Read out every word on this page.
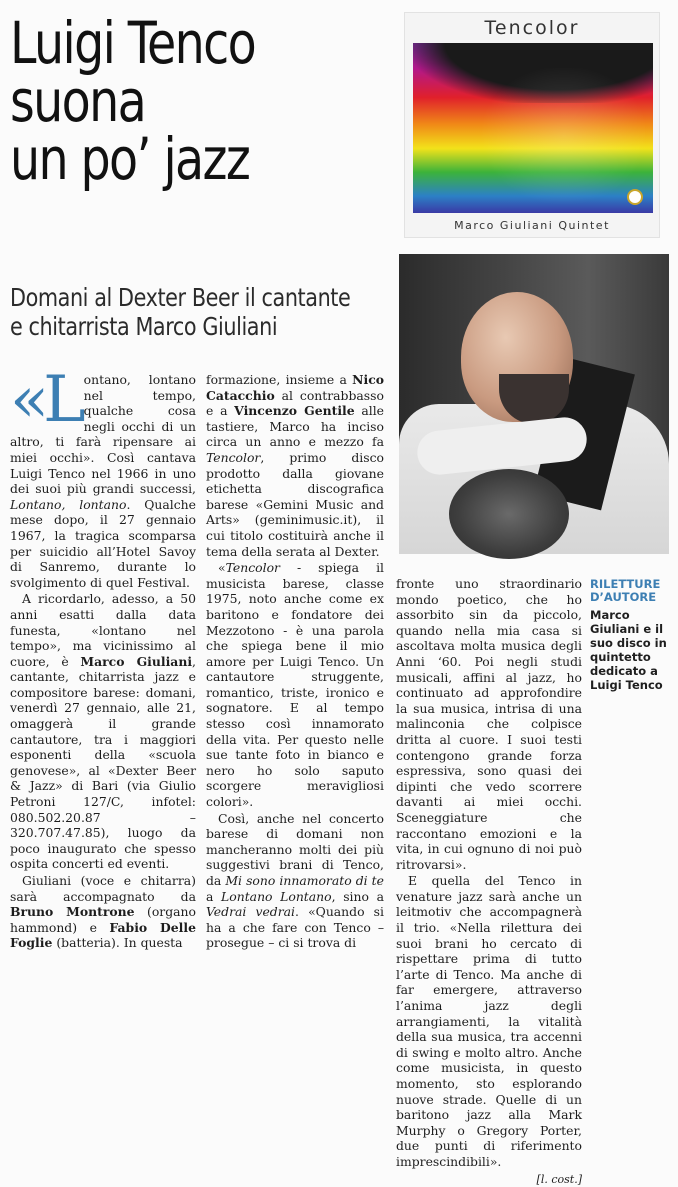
Luigi Tenco
suona
un po’ jazz
Domani al Dexter Beer il cantante
e chitarrista Marco Giuliani
Tencolor
Marco Giuliani Quintet
RILETTURE D’AUTORE
Marco Giuliani e il suo disco in quintetto dedicato a Luigi Tenco

«Lontano, lontano nel tempo, qualche cosa negli occhi di un altro, ti farà ripensare ai miei occhi». Così cantava Luigi Tenco nel 1966 in uno dei suoi più grandi successi, Lontano, lontano. Qualche mese dopo, il 27 gennaio 1967, la tragica scomparsa per suicidio all’Hotel Savoy di Sanremo, durante lo svolgimento di quel Festival.

A ricordarlo, adesso, a 50 anni esatti dalla data funesta, «lontano nel tempo», ma vicinissimo al cuore, è Marco Giuliani, cantante, chitarrista jazz e compositore barese: domani, venerdì 27 gennaio, alle 21, omaggerà il grande cantautore, tra i maggiori esponenti della «scuola genovese», al «Dexter Beer & Jazz» di Bari (via Giulio Petroni 127/C, infotel: 080.502.20.87 – 320.707.47.85), luogo da poco inaugurato che spesso ospita concerti ed eventi.

Giuliani (voce e chitarra) sarà accompagnato da Bruno Montrone (organo hammond) e Fabio Delle Foglie (batteria). In questa

formazione, insieme a Nico Catacchio al contrabbasso e a Vincenzo Gentile alle tastiere, Marco ha inciso circa un anno e mezzo fa Tencolor, primo disco prodotto dalla giovane etichetta discografica barese «Gemini Music and Arts» (geminimusic.it), il cui titolo costituirà anche il tema della serata al Dexter.

«Tencolor - spiega il musicista barese, classe 1975, noto anche come ex baritono e fondatore dei Mezzotono - è una parola che spiega bene il mio amore per Luigi Tenco. Un cantautore struggente, romantico, triste, ironico e sognatore. E al tempo stesso così innamorato della vita. Per questo nelle sue tante foto in bianco e nero ho solo saputo scorgere meravigliosi colori».

Così, anche nel concerto barese di domani non mancheranno molti dei più suggestivi brani di Tenco, da Mi sono innamorato di te a Lontano Lontano, sino a Vedrai vedrai. «Quando si ha a che fare con Tenco – prosegue – ci si trova di

fronte uno straordinario mondo poetico, che ho assorbito sin da piccolo, quando nella mia casa si ascoltava molta musica degli Anni ‘60. Poi negli studi musicali, affini al jazz, ho continuato ad approfondire la sua musica, intrisa di una malinconia che colpisce dritta al cuore. I suoi testi contengono grande forza espressiva, sono quasi dei dipinti che vedo scorrere davanti ai miei occhi. Sceneggiature che raccontano emozioni e la vita, in cui ognuno di noi può ritrovarsi».

E quella del Tenco in venature jazz sarà anche un leitmotiv che accompagnerà il trio. «Nella rilettura dei suoi brani ho cercato di rispettare prima di tutto l’arte di Tenco. Ma anche di far emergere, attraverso l’anima jazz degli arrangiamenti, la vitalità della sua musica, tra accenni di swing e molto altro. Anche come musicista, in questo momento, sto esplorando nuove strade. Quelle di un baritono jazz alla Mark Murphy o Gregory Porter, due punti di riferimento imprescindibili».

[l. cost.]
